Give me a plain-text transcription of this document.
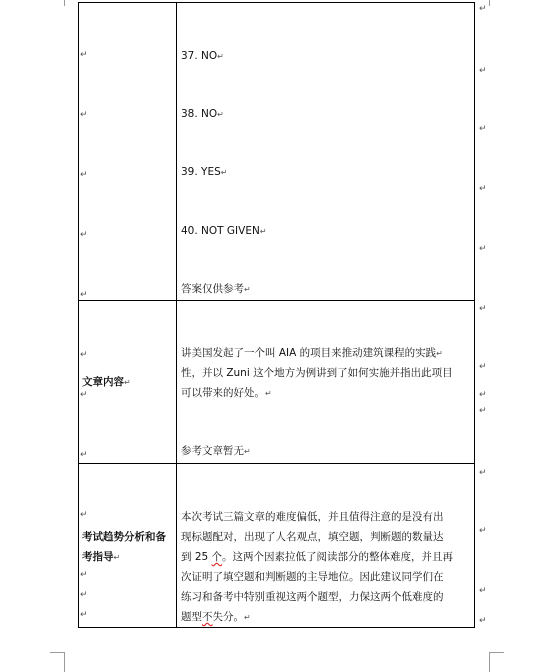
↵
↵
↵
↵
↵
↵
↵
↵
↵
↵
↵
↵
↵
↵
↵
↵
↵
↵
↵
↵
↵
↵
↵
↵
↵
37. NO↵
38. NO↵
39. YES↵
40. NOT GIVEN↵
答案仅供参考↵
文章内容↵
讲美国发起了一个叫 AIA 的项目来推动建筑课程的实践↵
性，并以 Zuni 这个地方为例讲到了如何实施并指出此项目
可以带来的好处。↵
参考文章暂无↵
考试趋势分析和备
考指导↵
本次考试三篇文章的难度偏低，并且值得注意的是没有出
现标题配对，出现了人名观点，填空题，判断题的数量达
到 25 个。这两个因素拉低了阅读部分的整体难度，并且再
次证明了填空题和判断题的主导地位。因此建议同学们在
练习和备考中特别重视这两个题型，力保这两个低难度的
题型不失分。↵
